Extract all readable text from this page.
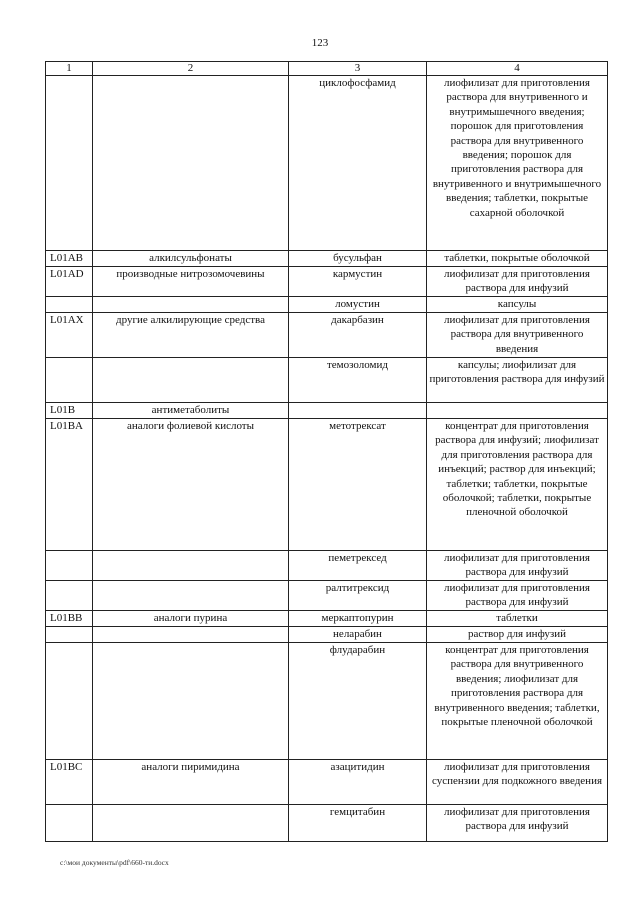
123
1	2	3	4
		циклофосфамид	лиофилизат для приготовления раствора для внутривенного и внутримышечного введения; порошок для приготовления раствора для внутривенного введения; порошок для приготовления раствора для внутривенного и внутримышечного введения; таблетки, покрытые сахарной оболочкой
L01AB	алкилсульфонаты	бусульфан	таблетки, покрытые оболочкой
L01AD	производные нитрозомочевины	кармустин	лиофилизат для приготовления раствора для инфузий
		ломустин	капсулы
L01AX	другие алкилирующие средства	дакарбазин	лиофилизат для приготовления раствора для внутривенного введения
		темозоломид	капсулы; лиофилизат для приготовления раствора для инфузий
L01B	антиметаболиты		
L01BA	аналоги фолиевой кислоты	метотрексат	концентрат для приготовления раствора для инфузий; лиофилизат для приготовления раствора для инъекций; раствор для инъекций; таблетки; таблетки, покрытые оболочкой; таблетки, покрытые пленочной оболочкой
		пеметрексед	лиофилизат для приготовления раствора для инфузий
		ралтитрексид	лиофилизат для приготовления раствора для инфузий
L01BB	аналоги пурина	меркаптопурин	таблетки
		неларабин	раствор для инфузий
		флударабин	концентрат для приготовления раствора для внутривенного введения; лиофилизат для приготовления раствора для внутривенного введения; таблетки, покрытые пленочной оболочкой
L01BC	аналоги пиримидина	азацитидин	лиофилизат для приготовления суспензии для подкожного введения
		гемцитабин	лиофилизат для приготовления раствора для инфузий
c:\мои документы\pdf\660-ти.docx
